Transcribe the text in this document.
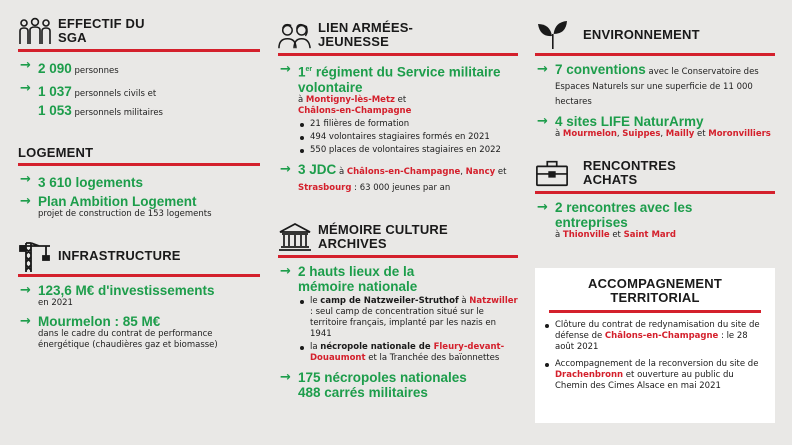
EFFECTIF DU SGA
→ 2 090 personnes
→ 1 037 personnels civils et
1 053 personnels militaires
LOGEMENT
→ 3 610 logements
→ Plan Ambition Logement
projet de construction de 153 logements
INFRASTRUCTURE
→ 123,6 M€ d'investissements
en 2021
→ Mourmelon : 85 M€
dans le cadre du contrat de performance énergétique (chaudières gaz et biomasse)
LIEN ARMÉES-JEUNESSE
→ 1er régiment du Service militaire volontaire
à Montigny-lès-Metz et
Châlons-en-Champagne
21 filières de formation
494 volontaires stagiaires formés en 2021
550 places de volontaires stagiaires en 2022
→ 3 JDC à Châlons-en-Champagne, Nancy et Strasbourg : 63 000 jeunes par an
MÉMOIRE CULTURE ARCHIVES
→ 2 hauts lieux de la mémoire nationale
le camp de Natzweiler-Struthof à Natzwiller : seul camp de concentration situé sur le territoire français, implanté par les nazis en 1941
la nécropole nationale de Fleury-devant-Douaumont et la Tranchée des baïonnettes
→ 175 nécropoles nationales
488 carrés militaires
ENVIRONNEMENT
→ 7 conventions avec le Conservatoire des Espaces Naturels sur une superficie de 11 000 hectares
→ 4 sites LIFE NaturArmy
à Mourmelon, Suippes, Mailly et Moronvilliers
RENCONTRES ACHATS
→ 2 rencontres avec les entreprises
à Thionville et Saint Mard
ACCOMPAGNEMENT TERRITORIAL
Clôture du contrat de redynamisation du site de défense de Châlons-en-Champagne : le 28 août 2021
Accompagnement de la reconversion du site de Drachenbronn et ouverture au public du Chemin des Cimes Alsace en mai 2021
